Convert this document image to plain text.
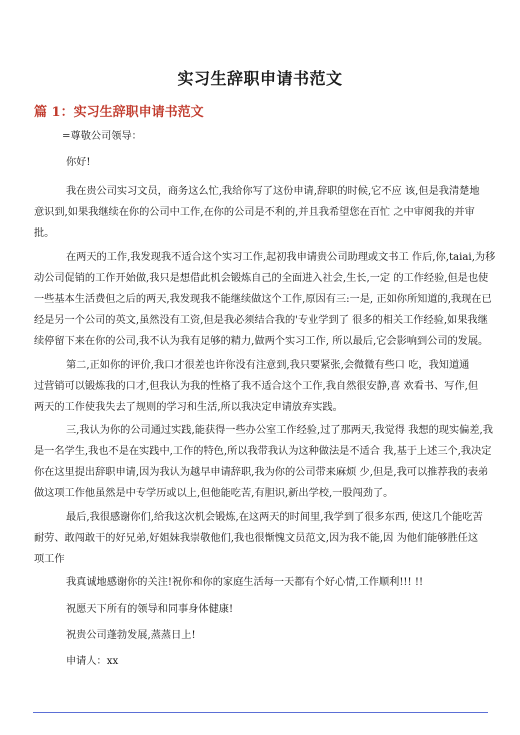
实习生辞职申请书范文
篇 1：实习生辞职申请书范文
=尊敬公司领导：
你好!
我在贵公司实习文员，商务这么忙,我给你写了这份申请,辞职的时候,它不应 该,但是我清楚地
意识到,如果我继续在你的公司中工作,在你的公司是不利的,并且我希望您在百忙 之中审阅我的并审
批。
在两天的工作,我发现我不适合这个实习工作,起初我申请贵公司助理或文书工 作后,你,taiai,为移
动公司促销的工作开始做,我只是想借此机会锻炼自己的全面进入社会,生长,一定 的工作经验,但是也使
一些基本生活费但之后的两天,我发现我不能继续做这个工作,原因有三:一是, 正如你所知道的,我现在已
经是另一个公司的英文,虽然没有工资,但是我必须结合我的'专业学到了 很多的相关工作经验,如果我继
续停留下来在你的公司,我不认为我有足够的精力,做两个实习工作, 所以最后,它会影响到公司的发展。
第二,正如你的评价,我口才很差也许你没有注意到,我只要紧张,会微微有些口 吃，我知道通
过营销可以锻炼我的口才,但我认为我的性格了我不适合这个工作,我自然很安静,喜 欢看书、写作,但
两天的工作使我失去了规则的学习和生活,所以我决定申请放弃实践。
三,我认为你的公司通过实践,能获得一些办公室工作经验,过了那两天,我觉得 我想的现实偏差,我
是一名学生,我也不是在实践中,工作的特色,所以我带我认为这种做法是不适合 我,基于上述三个,我决定
你在这里提出辞职申请,因为我认为越早申请辞职,我为你的公司带来麻烦 少,但是,我可以推荐我的表弟
做这项工作他虽然是中专学历或以上,但他能吃苦,有胆识,新出学校,一股闯劲了。
最后,我很感谢你们,给我这次机会锻炼,在这两天的时间里,我学到了很多东西, 使这几个能吃苦
耐劳、敢闯敢干的好兄弟,好姐妹我崇敬他们,我也很惭愧文员范文,因为我不能,因 为他们能够胜任这
项工作
我真诚地感谢你的关注!祝你和你的家庭生活每一天都有个好心情,工作顺利!!! !!
祝愿天下所有的领导和同事身体健康!
祝贵公司蓬勃发展,蒸蒸日上!
申请人：xx
